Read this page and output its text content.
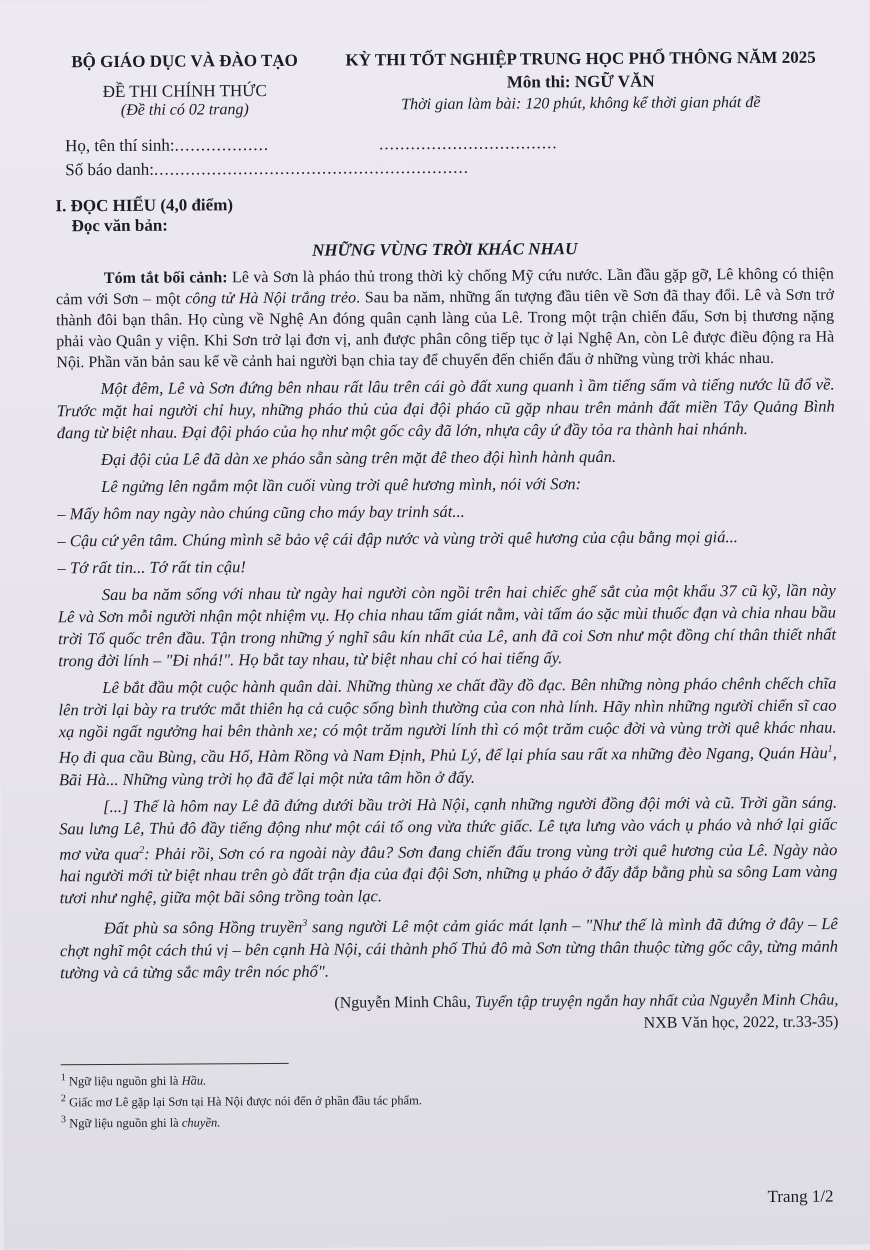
BỘ GIÁO DỤC VÀ ĐÀO TẠO
ĐỀ THI CHÍNH THỨC
(Đề thi có 02 trang)
KỲ THI TỐT NGHIỆP TRUNG HỌC PHỔ THÔNG NĂM 2025
Môn thi: NGỮ VĂN
Thời gian làm bài: 120 phút, không kể thời gian phát đề
Họ, tên thí sinh: ..................	..................................
Số báo danh: ............................................................
I. ĐỌC HIỂU (4,0 điểm)
Đọc văn bản:
NHỮNG VÙNG TRỜI KHÁC NHAU

Tóm tắt bối cảnh: Lê và Sơn là pháo thủ trong thời kỳ chống Mỹ cứu nước. Lần đầu gặp gỡ, Lê không có thiện cảm với Sơn – một công tử Hà Nội trắng trẻo. Sau ba năm, những ấn tượng đầu tiên về Sơn đã thay đổi. Lê và Sơn trở thành đôi bạn thân. Họ cùng về Nghệ An đóng quân cạnh làng của Lê. Trong một trận chiến đấu, Sơn bị thương nặng phải vào Quân y viện. Khi Sơn trở lại đơn vị, anh được phân công tiếp tục ở lại Nghệ An, còn Lê được điều động ra Hà Nội. Phần văn bản sau kể về cảnh hai người bạn chia tay để chuyển đến chiến đấu ở những vùng trời khác nhau.

Một đêm, Lê và Sơn đứng bên nhau rất lâu trên cái gò đất xung quanh ì ầm tiếng sấm và tiếng nước lũ đổ về. Trước mặt hai người chỉ huy, những pháo thủ của đại đội pháo cũ gặp nhau trên mảnh đất miền Tây Quảng Bình đang từ biệt nhau. Đại đội pháo của họ như một gốc cây đã lớn, nhựa cây ứ đầy tỏa ra thành hai nhánh.

Đại đội của Lê đã dàn xe pháo sẵn sàng trên mặt đê theo đội hình hành quân.

Lê ngửng lên ngắm một lần cuối vùng trời quê hương mình, nói với Sơn:

– Mấy hôm nay ngày nào chúng cũng cho máy bay trinh sát...

– Cậu cứ yên tâm. Chúng mình sẽ bảo vệ cái đập nước và vùng trời quê hương của cậu bằng mọi giá...

– Tớ rất tin... Tớ rất tin cậu!

Sau ba năm sống với nhau từ ngày hai người còn ngồi trên hai chiếc ghế sắt của một khẩu 37 cũ kỹ, lần này Lê và Sơn mỗi người nhận một nhiệm vụ. Họ chia nhau tấm giát nằm, vài tấm áo sặc mùi thuốc đạn và chia nhau bầu trời Tổ quốc trên đầu. Tận trong những ý nghĩ sâu kín nhất của Lê, anh đã coi Sơn như một đồng chí thân thiết nhất trong đời lính – "Đi nhá!". Họ bắt tay nhau, từ biệt nhau chỉ có hai tiếng ấy.

Lê bắt đầu một cuộc hành quân dài. Những thùng xe chất đầy đồ đạc. Bên những nòng pháo chênh chếch chĩa lên trời lại bày ra trước mắt thiên hạ cả cuộc sống bình thường của con nhà lính. Hãy nhìn những người chiến sĩ cao xạ ngồi ngất ngưởng hai bên thành xe; có một trăm người lính thì có một trăm cuộc đời và vùng trời quê khác nhau. Họ đi qua cầu Bùng, cầu Hổ, Hàm Rồng và Nam Định, Phủ Lý, để lại phía sau rất xa những đèo Ngang, Quán Hàu$^1$, Bãi Hà... Những vùng trời họ đã để lại một nửa tâm hồn ở đấy.

[...] Thế là hôm nay Lê đã đứng dưới bầu trời Hà Nội, cạnh những người đồng đội mới và cũ. Trời gần sáng. Sau lưng Lê, Thủ đô đầy tiếng động như một cái tổ ong vừa thức giấc. Lê tựa lưng vào vách ụ pháo và nhớ lại giấc mơ vừa qua$^2$: Phải rồi, Sơn có ra ngoài này đâu? Sơn đang chiến đấu trong vùng trời quê hương của Lê. Ngày nào hai người mới từ biệt nhau trên gò đất trận địa của đại đội Sơn, những ụ pháo ở đấy đắp bằng phù sa sông Lam vàng tươi như nghệ, giữa một bãi sông trồng toàn lạc.

Đất phù sa sông Hồng truyền$^3$ sang người Lê một cảm giác mát lạnh – "Như thế là mình đã đứng ở đây – Lê chợt nghĩ một cách thú vị – bên cạnh Hà Nội, cái thành phố Thủ đô mà Sơn từng thân thuộc từng gốc cây, từng mảnh tường và cả từng sắc mây trên nóc phố".

(Nguyễn Minh Châu, Tuyển tập truyện ngắn hay nhất của Nguyễn Minh Châu,
NXB Văn học, 2022, tr.33-35)
$^1$ Ngữ liệu nguồn ghi là Hầu.
$^2$ Giấc mơ Lê gặp lại Sơn tại Hà Nội được nói đến ở phần đầu tác phẩm.
$^3$ Ngữ liệu nguồn ghi là chuyền.
Trang 1/2
